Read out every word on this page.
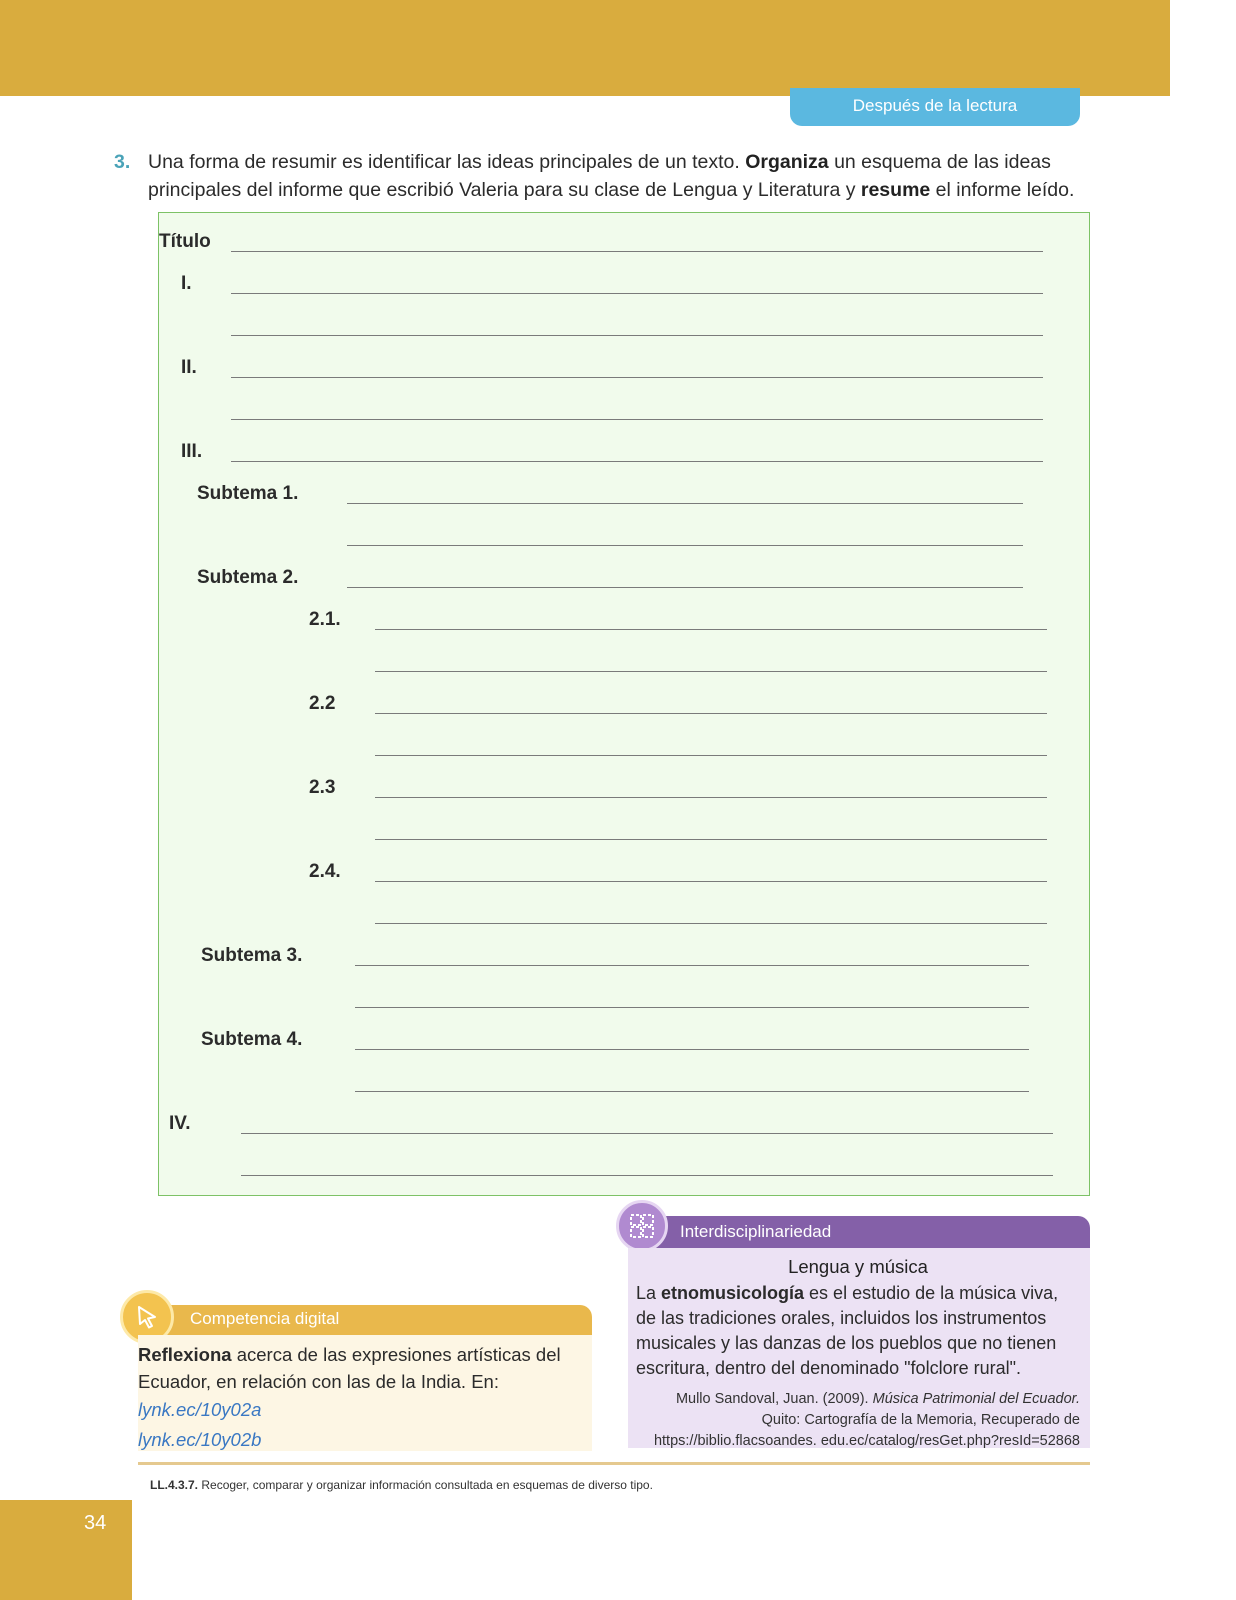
Después de la lectura
3. Una forma de resumir es identificar las ideas principales de un texto. Organiza un esquema de las ideas principales del informe que escribió Valeria para su clase de Lengua y Literatura y resume el informe leído.
Título
I.
II.
III.
Subtema 1.
Subtema 2.
2.1.
2.2
2.3
2.4.
Subtema 3.
Subtema 4.
IV.
Competencia digital

Reflexiona acerca de las expresiones artísticas del Ecuador, en relación con las de la India. En:

lynk.ec/10y02a
lynk.ec/10y02b
Interdisciplinariedad

Lengua y música

La etnomusicología es el estudio de la música viva, de las tradiciones orales, incluidos los instrumentos musicales y las danzas de los pueblos que no tienen escritura, dentro del denominado "folclore rural".

Mullo Sandoval, Juan. (2009). Música Patrimonial del Ecuador. Quito: Cartografía de la Memoria, Recuperado de https://biblio.flacsoandes. edu.ec/catalog/resGet.php?resId=52868

LL.4.3.7. Recoger, comparar y organizar información consultada en esquemas de diverso tipo.
34
